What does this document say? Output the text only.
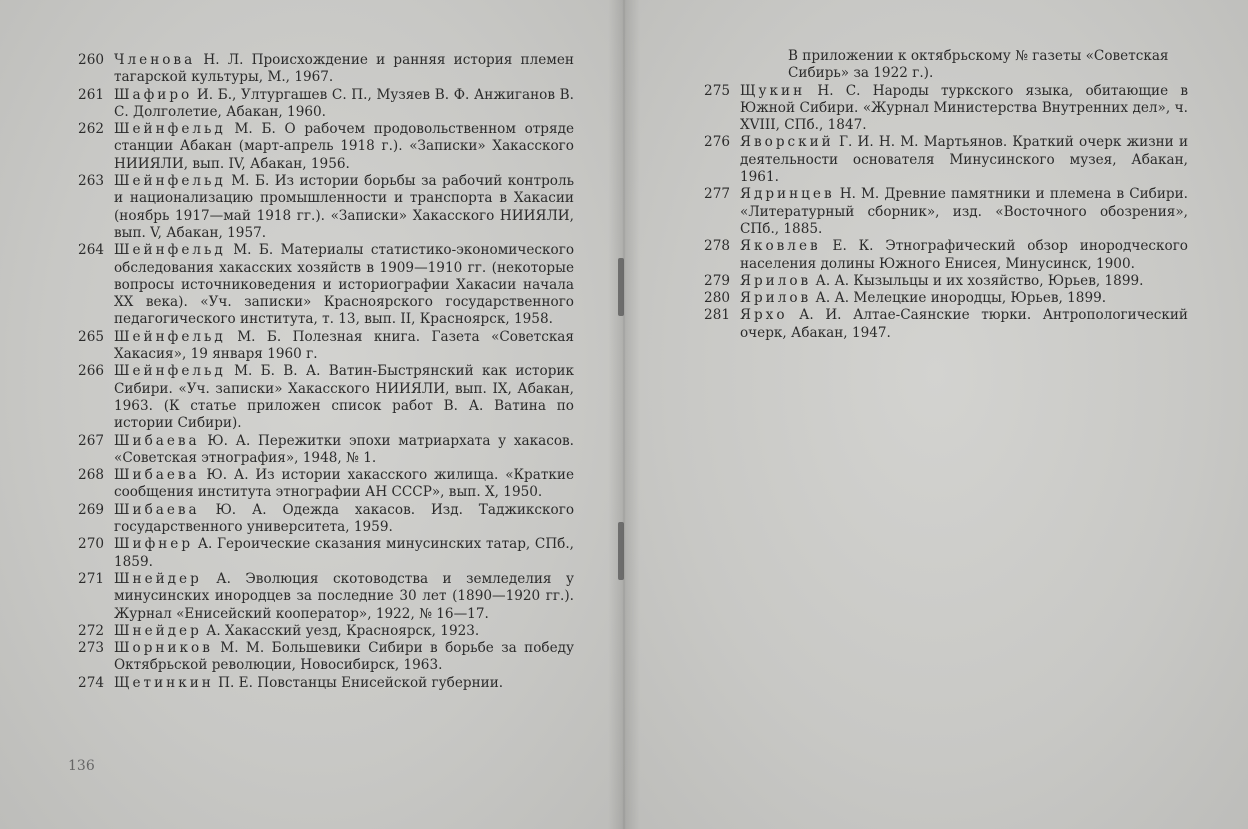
260 Членова Н. Л. Происхождение и ранняя история племен тагарской культуры, М., 1967.
261 Шафиро И. Б., Ултургашев С. П., Музяев В. Ф. Анжиганов В. С. Долголетие, Абакан, 1960.
262 Шейнфельд М. Б. О рабочем продовольственном отряде станции Абакан (март-апрель 1918 г.). «Записки» Хакасского НИИЯЛИ, вып. IV, Абакан, 1956.
263 Шейнфельд М. Б. Из истории борьбы за рабочий контроль и национализацию промышленности и транспорта в Хакасии (ноябрь 1917—май 1918 гг.). «Записки» Хакасского НИИЯЛИ, вып. V, Абакан, 1957.
264 Шейнфельд М. Б. Материалы статистико-экономического обследования хакасских хозяйств в 1909—1910 гг. (некоторые вопросы источниковедения и историографии Хакасии начала XX века). «Уч. записки» Красноярского государственного педагогического института, т. 13, вып. II, Красноярск, 1958.
265 Шейнфельд М. Б. Полезная книга. Газета «Советская Хакасия», 19 января 1960 г.
266 Шейнфельд М. Б. В. А. Ватин-Быстрянский как историк Сибири. «Уч. записки» Хакасского НИИЯЛИ, вып. IX, Абакан, 1963. (К статье приложен список работ В. А. Ватина по истории Сибири).
267 Шибаева Ю. А. Пережитки эпохи матриархата у хакасов. «Советская этнография», 1948, № 1.
268 Шибаева Ю. А. Из истории хакасского жилища. «Краткие сообщения института этнографии АН СССР», вып. X, 1950.
269 Шибаева Ю. А. Одежда хакасов. Изд. Таджикского государственного университета, 1959.
270 Шифнер А. Героические сказания минусинских татар, СПб., 1859.
271 Шнейдер А. Эволюция скотоводства и земледелия у минусинских инородцев за последние 30 лет (1890—1920 гг.). Журнал «Енисейский кооператор», 1922, № 16—17.
272 Шнейдер А. Хакасский уезд, Красноярск, 1923.
273 Шорников М. М. Большевики Сибири в борьбе за победу Октябрьской революции, Новосибирск, 1963.
274 Щетинкин П. Е. Повстанцы Енисейской губернии.
136
В приложении к октябрьскому № газеты «Советская Сибирь» за 1922 г.).
275 Щукин Н. С. Народы туркского языка, обитающие в Южной Сибири. «Журнал Министерства Внутренних дел», ч. XVIII, СПб., 1847.
276 Яворский Г. И. Н. М. Мартьянов. Краткий очерк жизни и деятельности основателя Минусинского музея, Абакан, 1961.
277 Ядринцев Н. М. Древние памятники и племена в Сибири. «Литературный сборник», изд. «Восточного обозрения», СПб., 1885.
278 Яковлев Е. К. Этнографический обзор инородческого населения долины Южного Енисея, Минусинск, 1900.
279 Ярилов А. А. Кызыльцы и их хозяйство, Юрьев, 1899.
280 Ярилов А. А. Мелецкие инородцы, Юрьев, 1899.
281 Ярхо А. И. Алтае-Саянские тюрки. Антропологический очерк, Абакан, 1947.
